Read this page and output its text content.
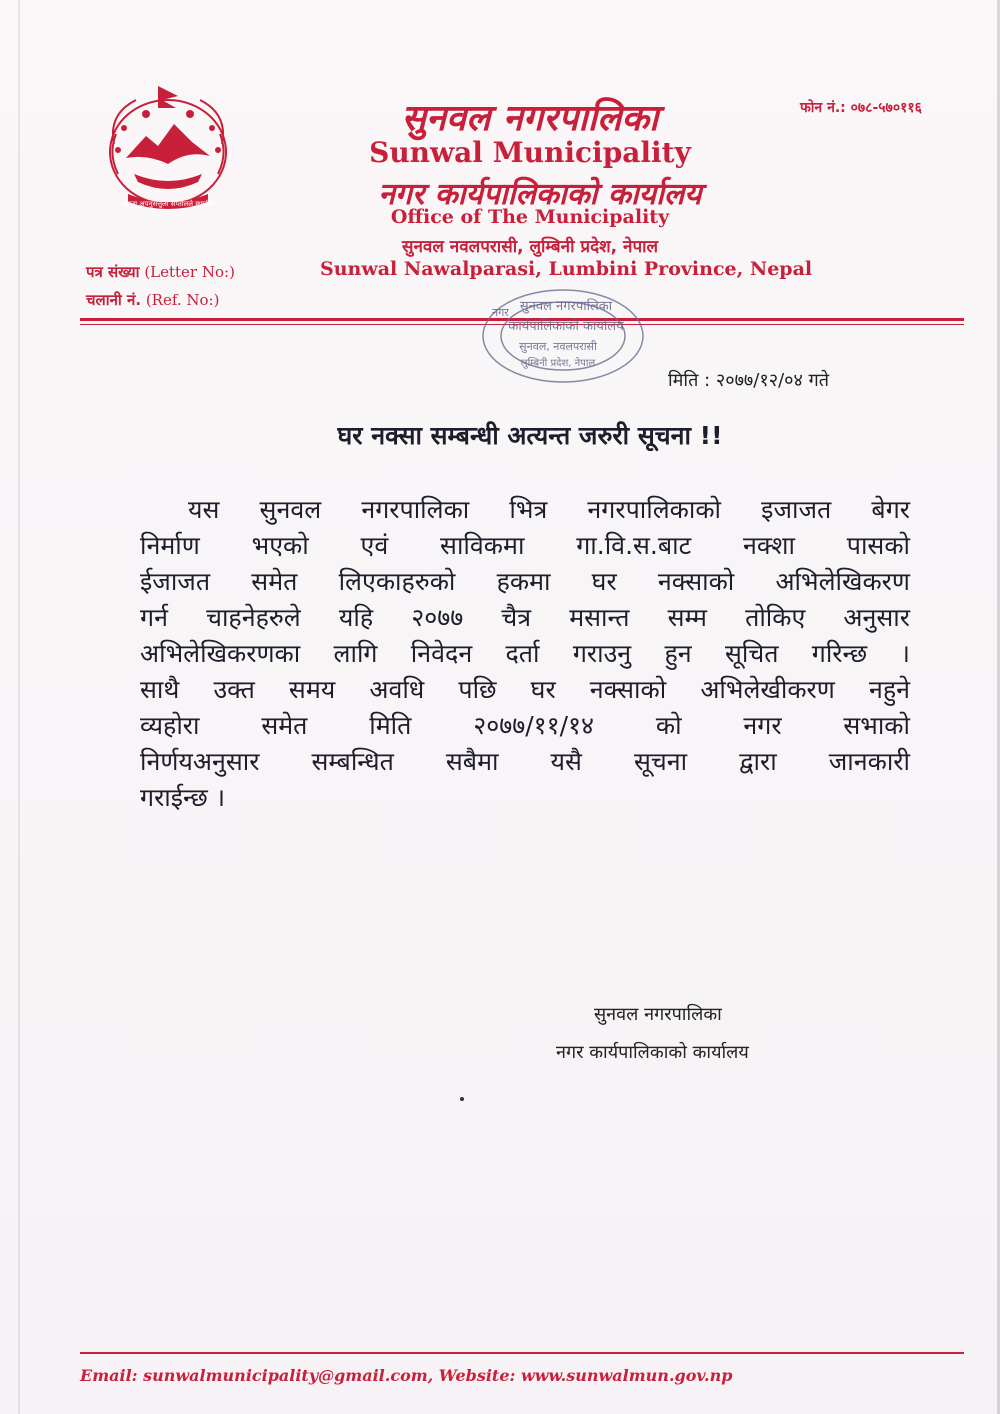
जनता अपनुसत्तुला सप्तोलले स्थानीय
सुनवल नगरपालिका
Sunwal Municipality
नगर कार्यपालिकाको कार्यालय
Office of The Municipality
सुनवल नवलपरासी, लुम्बिनी प्रदेश, नेपाल
Sunwal Nawalparasi, Lumbini Province, Nepal
फोन नं.: ०७८-५७०११६
पत्र संख्या (Letter No:)
चलानी नं. (Ref. No:)	सुनवल नगरपालिका
कार्यपालिकाको कार्यालय
सुनवल, नवलपरासी
लुम्बिनी प्रदेश, नेपाल
नगर
मिति : २०७७/१२/०४ गते
घर नक्सा सम्बन्धी अत्यन्त जरुरी सूचना !!
यस सुनवल नगरपालिका भित्र नगरपालिकाको इजाजत बेगर
निर्माण भएको एवं साविकमा गा.वि.स.बाट नक्शा पासको
ईजाजत समेत लिएकाहरुको हकमा घर नक्साको अभिलेखिकरण
गर्न चाहनेहरुले यहि २०७७ चैत्र मसान्त सम्म तोकिए अनुसार
अभिलेखिकरणका लागि निवेदन दर्ता गराउनु हुन सूचित गरिन्छ ।
साथै उक्त समय अवधि पछि घर नक्साको अभिलेखीकरण नहुने
व्यहोरा समेत मिति २०७७/११/१४ को नगर सभाको
निर्णयअनुसार सम्बन्धित सबैमा यसै सूचना द्वारा जानकारी
गराईन्छ ।
सुनवल नगरपालिका
नगर कार्यपालिकाको कार्यालय
Email: sunwalmunicipality@gmail.com, Website: www.sunwalmun.gov.np
